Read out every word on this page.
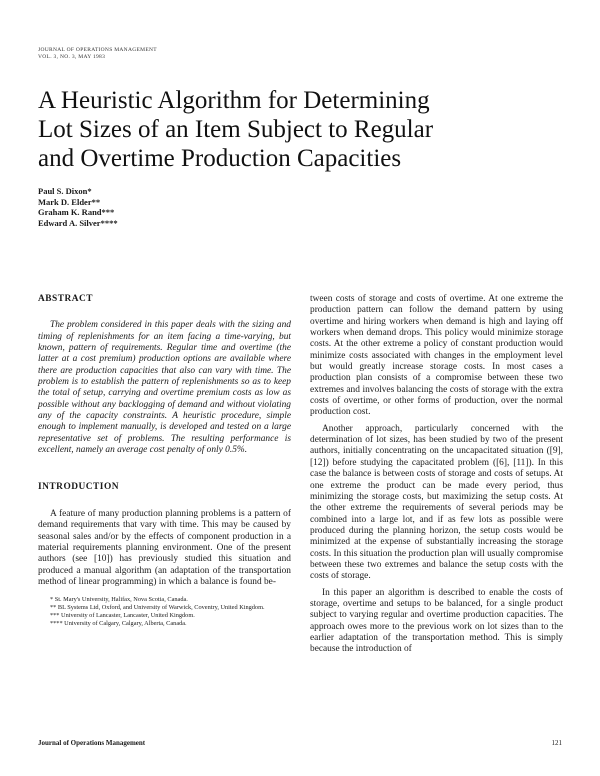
JOURNAL OF OPERATIONS MANAGEMENT
VOL. 3, NO. 3, MAY 1983
A Heuristic Algorithm for Determining
Lot Sizes of an Item Subject to Regular
and Overtime Production Capacities
Paul S. Dixon*
Mark D. Elder**
Graham K. Rand***
Edward A. Silver****
ABSTRACT

The problem considered in this paper deals with the sizing and timing of replenishments for an item facing a time-varying, but known, pattern of requirements. Regular time and overtime (the latter at a cost premium) production options are available where there are production capacities that also can vary with time. The problem is to establish the pattern of replenishments so as to keep the total of setup, carrying and overtime premium costs as low as possible without any backlogging of demand and without violating any of the capacity constraints. A heuristic procedure, simple enough to implement manually, is developed and tested on a large representative set of problems. The resulting performance is excellent, namely an average cost penalty of only 0.5%.

INTRODUCTION

A feature of many production planning problems is a pattern of demand requirements that vary with time. This may be caused by seasonal sales and/or by the effects of component production in a material requirements planning environment. One of the present authors (see [10]) has previously studied this situation and produced a manual algorithm (an adaptation of the transportation method of linear programming) in which a balance is found be-

* St. Mary's University, Halifax, Nova Scotia, Canada.
** BL Systems Ltd, Oxford, and University of Warwick, Coventry, United Kingdom.
*** University of Lancaster, Lancaster, United Kingdom.
**** University of Calgary, Calgary, Alberta, Canada.

tween costs of storage and costs of overtime. At one extreme the production pattern can follow the demand pattern by using overtime and hiring workers when demand is high and laying off workers when demand drops. This policy would minimize storage costs. At the other extreme a policy of constant production would minimize costs associated with changes in the employment level but would greatly increase storage costs. In most cases a production plan consists of a compromise between these two extremes and involves balancing the costs of storage with the extra costs of overtime, or other forms of production, over the normal production cost.

Another approach, particularly concerned with the determination of lot sizes, has been studied by two of the present authors, initially concentrating on the uncapacitated situation ([9], [12]) before studying the capacitated problem ([6], [11]). In this case the balance is between costs of storage and costs of setups. At one extreme the product can be made every period, thus minimizing the storage costs, but maximizing the setup costs. At the other extreme the requirements of several periods may be combined into a large lot, and if as few lots as possible were produced during the planning horizon, the setup costs would be minimized at the expense of substantially increasing the storage costs. In this situation the production plan will usually compromise between these two extremes and balance the setup costs with the costs of storage.

In this paper an algorithm is described to enable the costs of storage, overtime and setups to be balanced, for a single product subject to varying regular and overtime production capacities. The approach owes more to the previous work on lot sizes than to the earlier adaptation of the transportation method. This is simply because the introduction of

Journal of Operations Management	121
